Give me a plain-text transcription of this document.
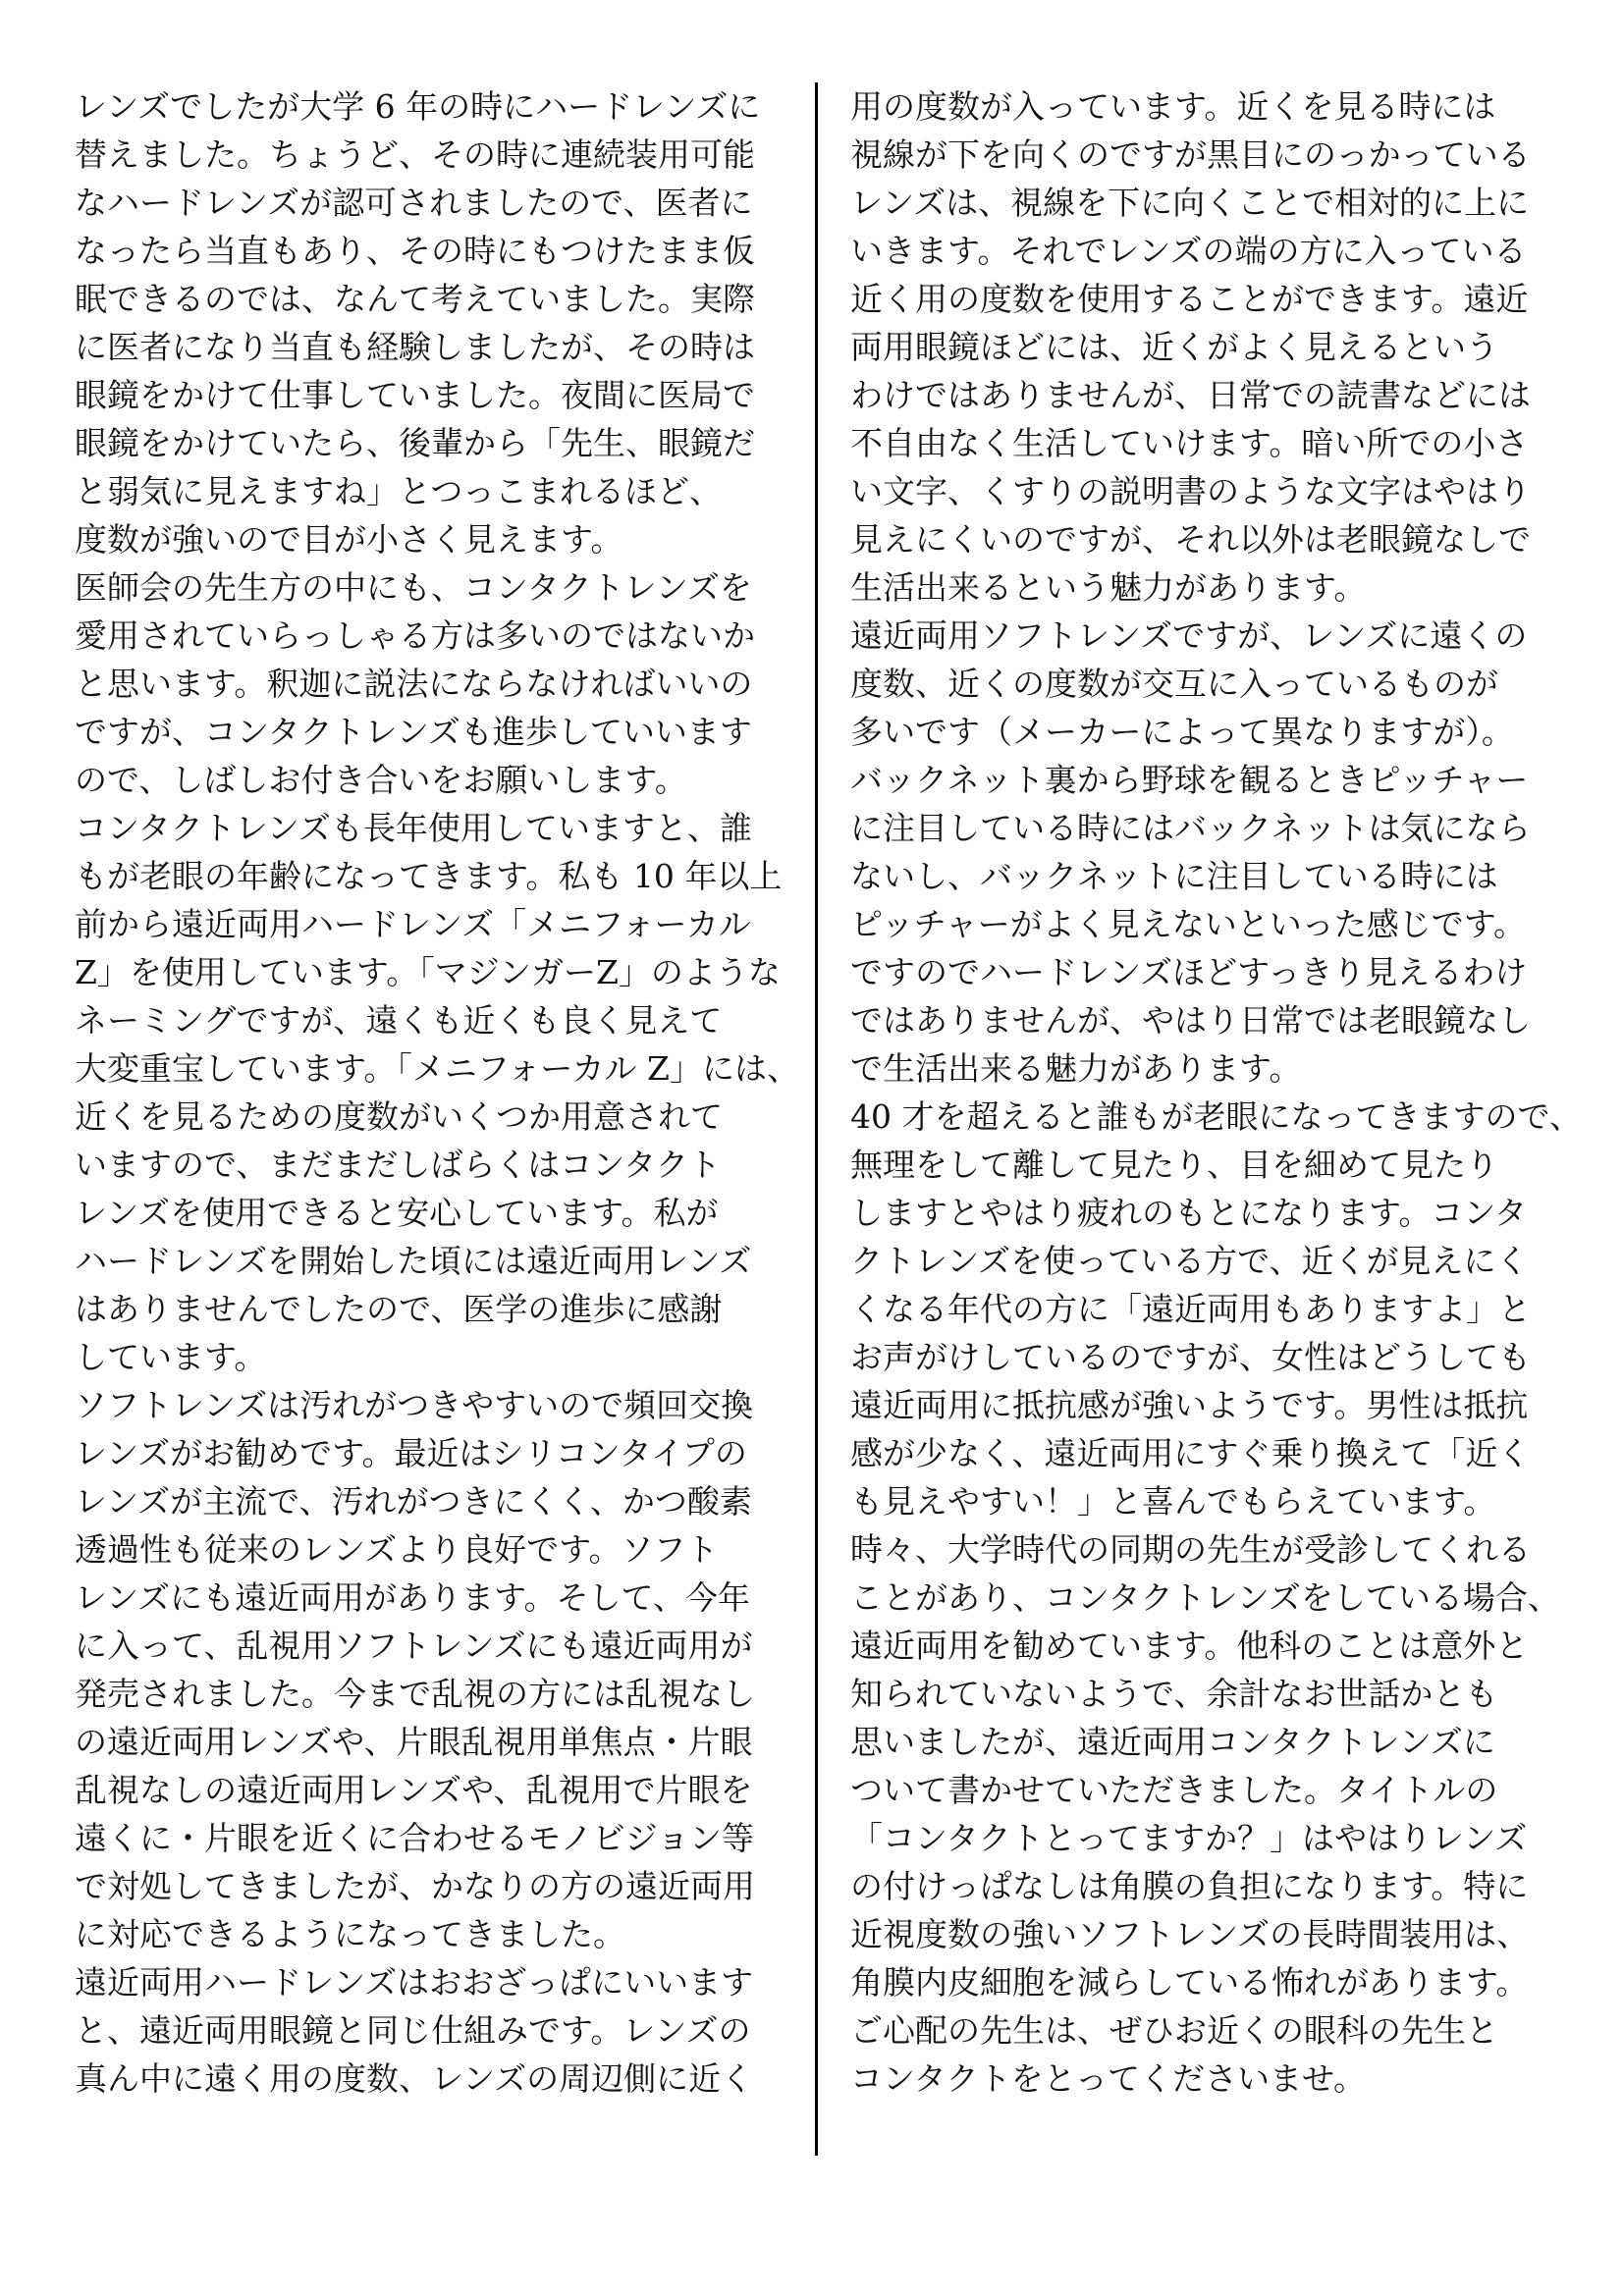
レンズでしたが大学 6 年の時にハードレンズに
替えました。ちょうど、その時に連続装用可能
なハードレンズが認可されましたので、医者に
なったら当直もあり、その時にもつけたまま仮
眠できるのでは、なんて考えていました。実際
に医者になり当直も経験しましたが、その時は
眼鏡をかけて仕事していました。夜間に医局で
眼鏡をかけていたら、後輩から「先生、眼鏡だ
と弱気に見えますね」とつっこまれるほど、
度数が強いので目が小さく見えます。

医師会の先生方の中にも、コンタクトレンズを
愛用されていらっしゃる方は多いのではないか
と思います。釈迦に説法にならなければいいの
ですが、コンタクトレンズも進歩していいます
ので、しばしお付き合いをお願いします。

コンタクトレンズも長年使用していますと、誰
もが老眼の年齢になってきます。私も 10 年以上
前から遠近両用ハードレンズ「メニフォーカル
Z」を使用しています。「マジンガーZ」のような
ネーミングですが、遠くも近くも良く見えて
大変重宝しています。「メニフォーカル Z」には、
近くを見るための度数がいくつか用意されて
いますので、まだまだしばらくはコンタクト
レンズを使用できると安心しています。私が
ハードレンズを開始した頃には遠近両用レンズ
はありませんでしたので、医学の進歩に感謝
しています。

ソフトレンズは汚れがつきやすいので頻回交換
レンズがお勧めです。最近はシリコンタイプの
レンズが主流で、汚れがつきにくく、かつ酸素
透過性も従来のレンズより良好です。ソフト
レンズにも遠近両用があります。そして、今年
に入って、乱視用ソフトレンズにも遠近両用が
発売されました。今まで乱視の方には乱視なし
の遠近両用レンズや、片眼乱視用単焦点・片眼
乱視なしの遠近両用レンズや、乱視用で片眼を
遠くに・片眼を近くに合わせるモノビジョン等
で対処してきましたが、かなりの方の遠近両用
に対応できるようになってきました。

遠近両用ハードレンズはおおざっぱにいいます
と、遠近両用眼鏡と同じ仕組みです。レンズの
真ん中に遠く用の度数、レンズの周辺側に近く

用の度数が入っています。近くを見る時には
視線が下を向くのですが黒目にのっかっている
レンズは、視線を下に向くことで相対的に上に
いきます。それでレンズの端の方に入っている
近く用の度数を使用することができます。遠近
両用眼鏡ほどには、近くがよく見えるという
わけではありませんが、日常での読書などには
不自由なく生活していけます。暗い所での小さ
い文字、くすりの説明書のような文字はやはり
見えにくいのですが、それ以外は老眼鏡なしで
生活出来るという魅力があります。

遠近両用ソフトレンズですが、レンズに遠くの
度数、近くの度数が交互に入っているものが
多いです（メーカーによって異なりますが）。
バックネット裏から野球を観るときピッチャー
に注目している時にはバックネットは気になら
ないし、バックネットに注目している時には
ピッチャーがよく見えないといった感じです。
ですのでハードレンズほどすっきり見えるわけ
ではありませんが、やはり日常では老眼鏡なし
で生活出来る魅力があります。

40 才を超えると誰もが老眼になってきますので、
無理をして離して見たり、目を細めて見たり
しますとやはり疲れのもとになります。コンタ
クトレンズを使っている方で、近くが見えにく
くなる年代の方に「遠近両用もありますよ」と
お声がけしているのですが、女性はどうしても
遠近両用に抵抗感が強いようです。男性は抵抗
感が少なく、遠近両用にすぐ乗り換えて「近く
も見えやすい！」と喜んでもらえています。

時々、大学時代の同期の先生が受診してくれる
ことがあり、コンタクトレンズをしている場合、
遠近両用を勧めています。他科のことは意外と
知られていないようで、余計なお世話かとも
思いましたが、遠近両用コンタクトレンズに
ついて書かせていただきました。タイトルの
「コンタクトとってますか？」はやはりレンズ
の付けっぱなしは角膜の負担になります。特に
近視度数の強いソフトレンズの長時間装用は、
角膜内皮細胞を減らしている怖れがあります。
ご心配の先生は、ぜひお近くの眼科の先生と
コンタクトをとってくださいませ。
